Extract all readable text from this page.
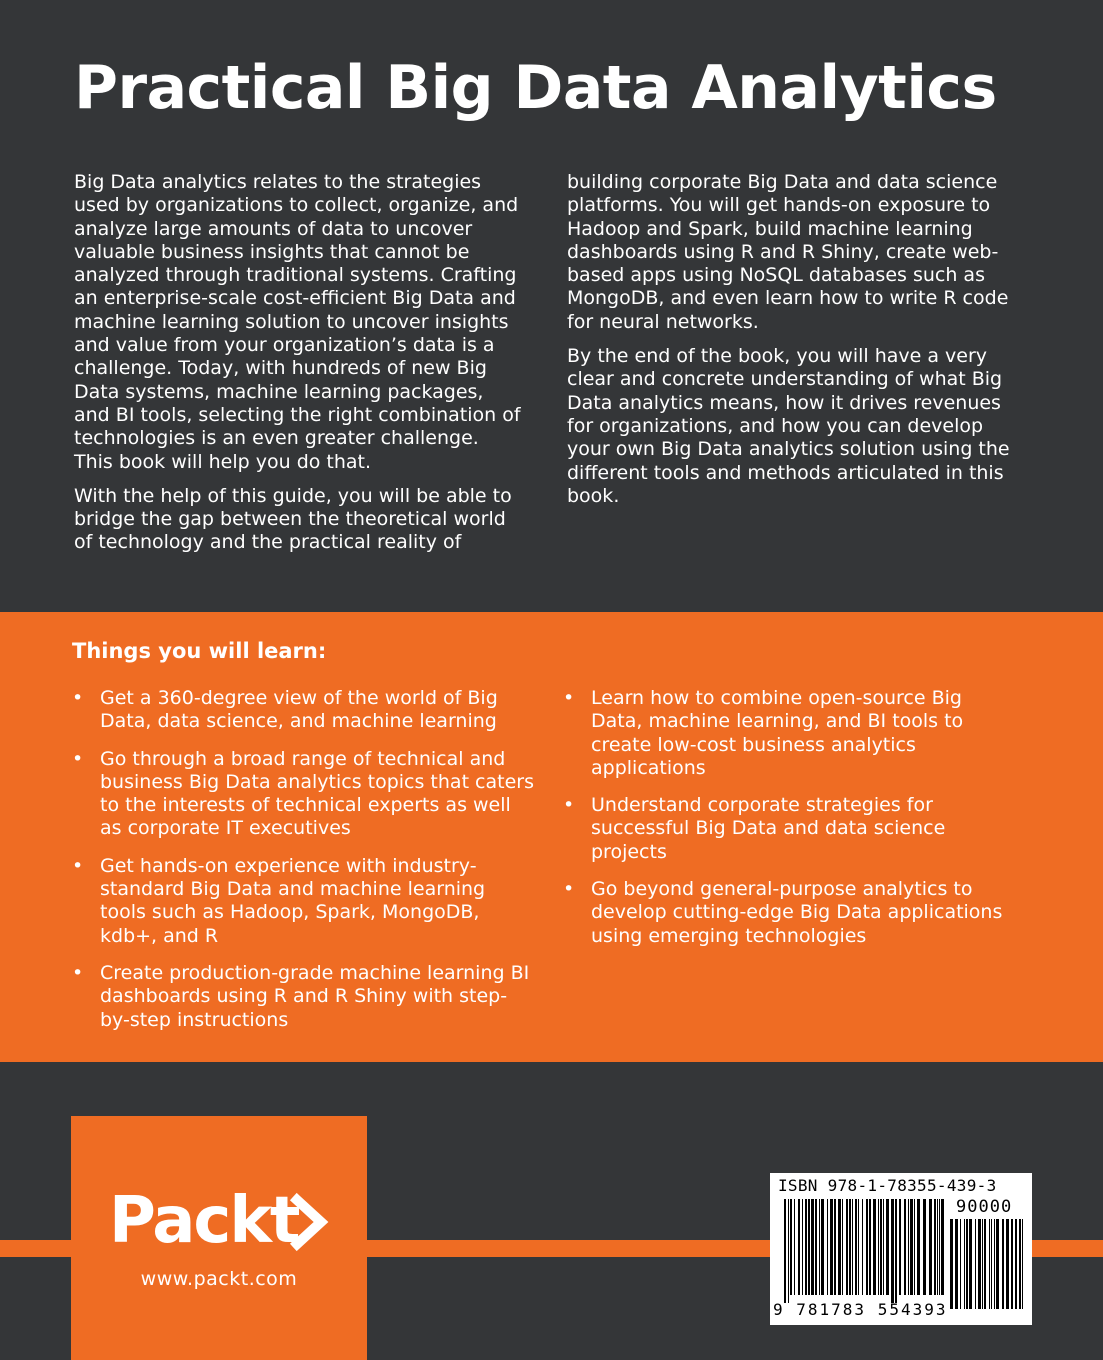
Practical Big Data Analytics

Big Data analytics relates to the strategies used by organizations to collect, organize, and analyze large amounts of data to uncover valuable business insights that cannot be analyzed through traditional systems. Crafting an enterprise-scale cost-efficient Big Data and machine learning solution to uncover insights and value from your organization’s data is a challenge. Today, with hundreds of new Big Data systems, machine learning packages, and BI tools, selecting the right combination of technologies is an even greater challenge. This book will help you do that.

With the help of this guide, you will be able to bridge the gap between the theoretical world of technology and the practical reality of

building corporate Big Data and data science platforms. You will get hands-on exposure to Hadoop and Spark, build machine learning dashboards using R and R Shiny, create web-based apps using NoSQL databases such as MongoDB, and even learn how to write R code for neural networks.

By the end of the book, you will have a very clear and concrete understanding of what Big Data analytics means, how it drives revenues for organizations, and how you can develop your own Big Data analytics solution using the different tools and methods articulated in this book.

Things you will learn:
• Get a 360-degree view of the world of Big Data, data science, and machine learning
• Go through a broad range of technical and business Big Data analytics topics that caters to the interests of technical experts as well as corporate IT executives
• Get hands-on experience with industry-standard Big Data and machine learning tools such as Hadoop, Spark, MongoDB, kdb+, and R
• Create production-grade machine learning BI dashboards using R and R Shiny with step-by-step instructions
• Learn how to combine open-source Big Data, machine learning, and BI tools to create low-cost business analytics applications
• Understand corporate strategies for successful Big Data and data science projects
• Go beyond general-purpose analytics to develop cutting-edge Big Data applications using emerging technologies
Packt
www.packt.com
ISBN 978-1-78355-439-3
90000
9 781783 554393
